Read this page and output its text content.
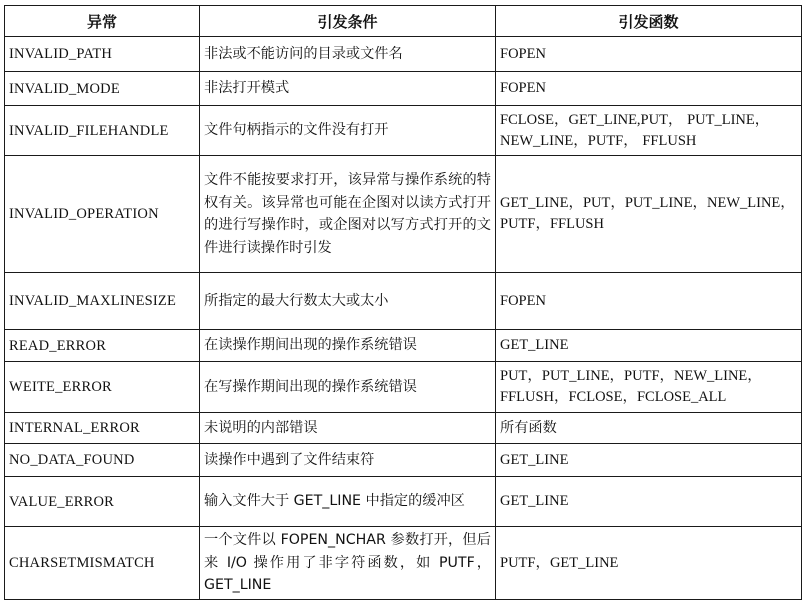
异常	引发条件	引发函数
INVALID_PATH	非法或不能访问的目录或文件名	FOPEN
INVALID_MODE	非法打开模式	FOPEN
INVALID_FILEHANDLE	文件句柄指示的文件没有打开	FCLOSE，GET_LINE,PUT， PUT_LINE，NEW_LINE，PUTF， FFLUSH
INVALID_OPERATION	文件不能按要求打开，该异常与操作系统的特权有关。该异常也可能在企图对以读方式打开的进行写操作时，或企图对以写方式打开的文件进行读操作时引发	GET_LINE，PUT，PUT_LINE，NEW_LINE，PUTF，FFLUSH
INVALID_MAXLINESIZE	所指定的最大行数太大或太小	FOPEN
READ_ERROR	在读操作期间出现的操作系统错误	GET_LINE
WEITE_ERROR	在写操作期间出现的操作系统错误	PUT，PUT_LINE，PUTF，NEW_LINE，FFLUSH，FCLOSE，FCLOSE_ALL
INTERNAL_ERROR	未说明的内部错误	所有函数
NO_DATA_FOUND	读操作中遇到了文件结束符	GET_LINE
VALUE_ERROR	输入文件大于 GET_LINE 中指定的缓冲区	GET_LINE
CHARSETMISMATCH	一个文件以 FOPEN_NCHAR 参数打开，但后来 I/O 操作用了非字符函数，如 PUTF，GET_LINE	PUTF，GET_LINE
